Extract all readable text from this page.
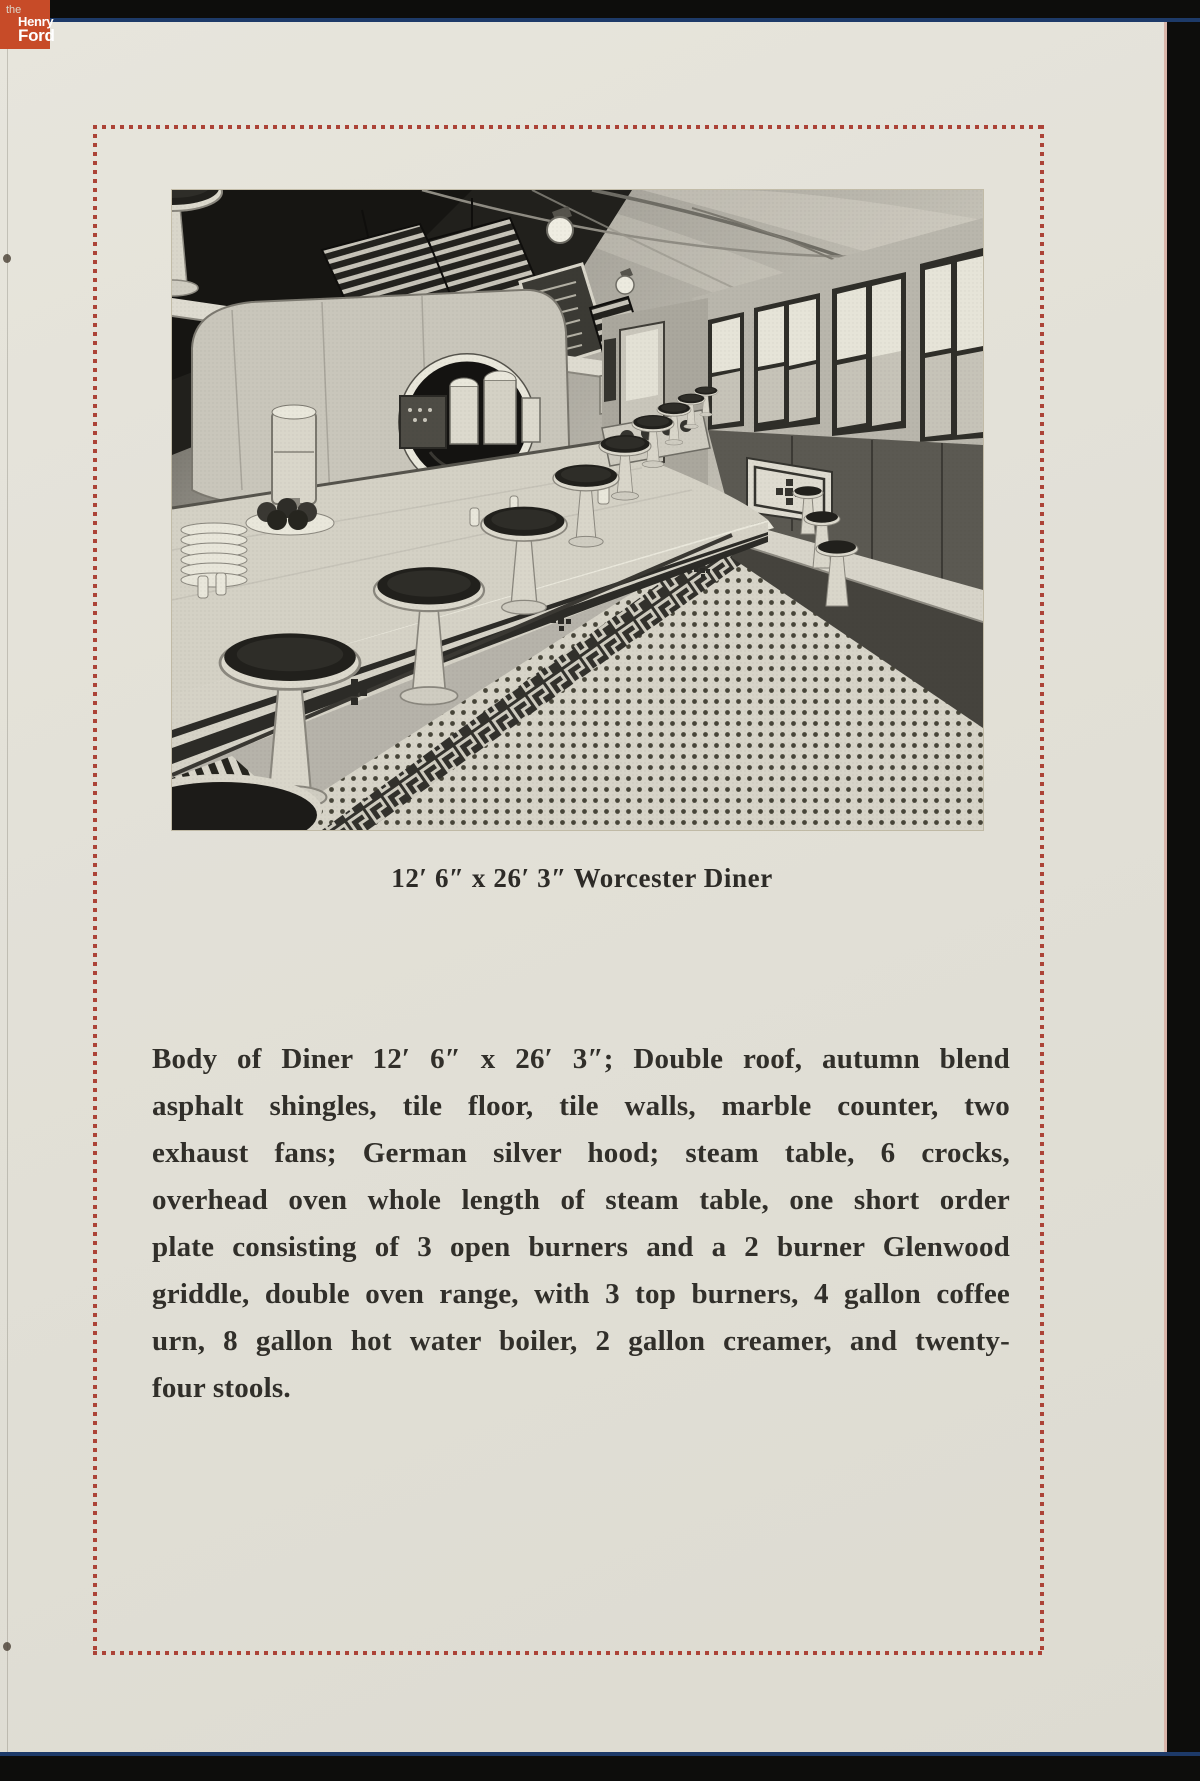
12′ 6″ x 26′ 3″ Worcester Diner
Body of Diner 12′ 6″ x 26′ 3″; Double roof, autumn blend
asphalt shingles, tile floor, tile walls, marble counter, two
exhaust fans; German silver hood; steam table, 6 crocks,
overhead oven whole length of steam table, one short order
plate consisting of 3 open burners and a 2 burner Glenwood
griddle, double oven range, with 3 top burners, 4 gallon coffee
urn, 8 gallon hot water boiler, 2 gallon creamer, and twenty-
four stools.
the
Henry
Ford
